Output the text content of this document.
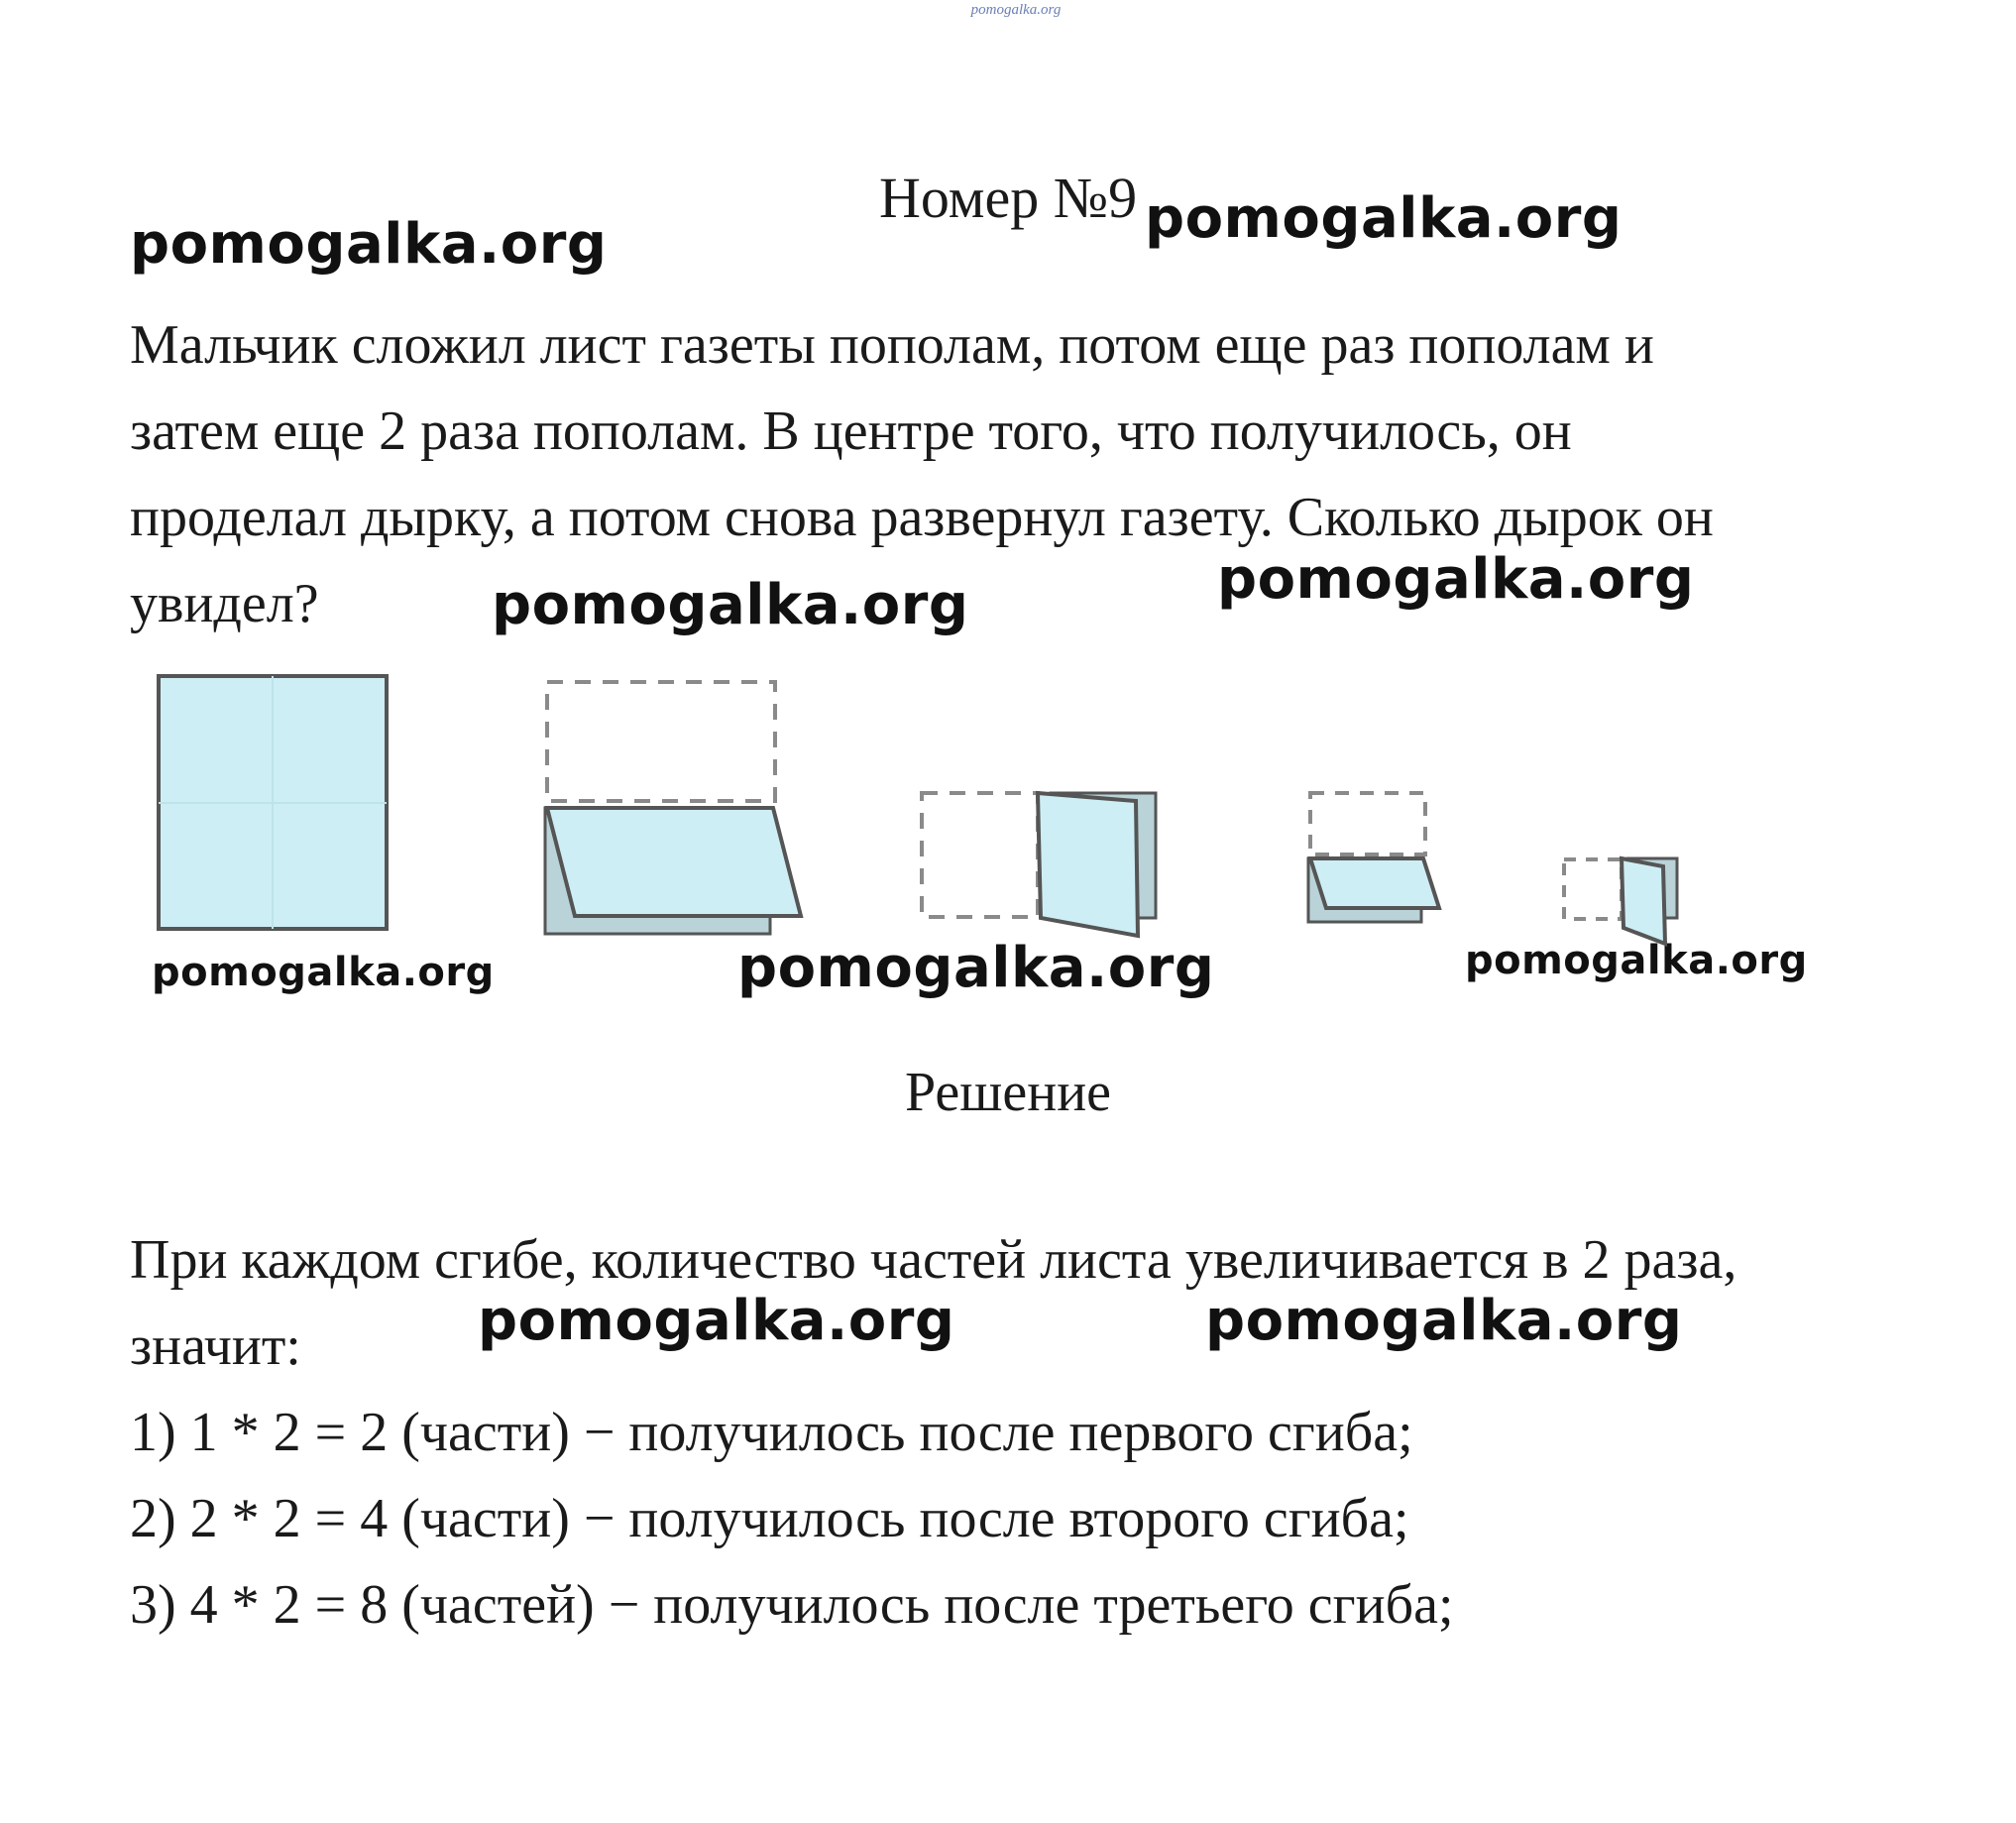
pomogalka.org
Номер №9
pomogalka.org	pomogalka.org
pomogalka.org	pomogalka.org
pomogalka.org	pomogalka.org	pomogalka.org
pomogalka.org	pomogalka.org
Мальчик сложил лист газеты пополам, потом еще раз пополам и
затем еще 2 раза пополам. В центре того, что получилось, он
проделал дырку, а потом снова развернул газету. Сколько дырок он
увидел?
Решение
При каждом сгибе, количество частей листа увеличивается в 2 раза,
значит:
1) 1 * 2 = 2 (части) − получилось после первого сгиба;
2) 2 * 2 = 4 (части) − получилось после второго сгиба;
3) 4 * 2 = 8 (частей) − получилось после третьего сгиба;
